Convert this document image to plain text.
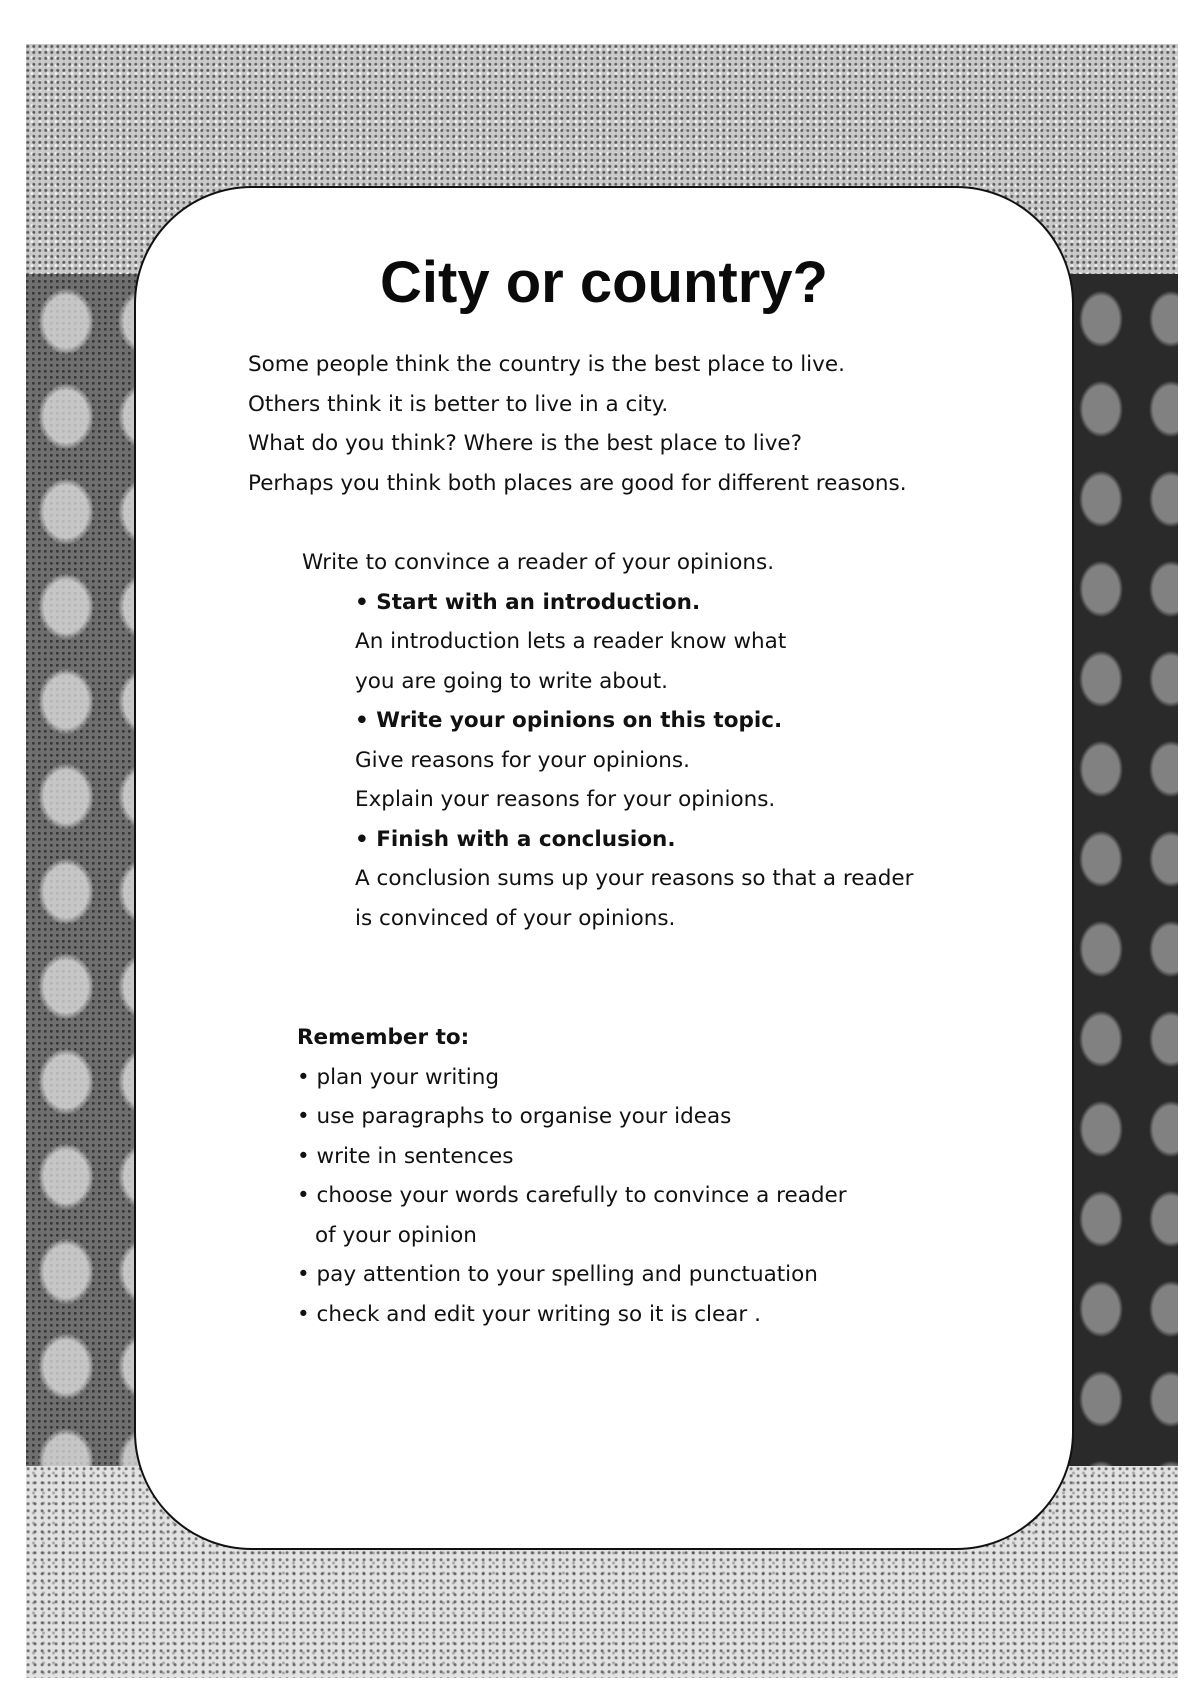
City or country?
Some people think the country is the best place to live.
Others think it is better to live in a city.
What do you think? Where is the best place to live?
Perhaps you think both places are good for different reasons.
Write to convince a reader of your opinions.
• Start with an introduction.
An introduction lets a reader know what
you are going to write about.
• Write your opinions on this topic.
Give reasons for your opinions.
Explain your reasons for your opinions.
• Finish with a conclusion.
A conclusion sums up your reasons so that a reader
is convinced of your opinions.
Remember to:
• plan your writing
• use paragraphs to organise your ideas
• write in sentences
• choose your words carefully to convince a reader
of your opinion
• pay attention to your spelling and punctuation
• check and edit your writing so it is clear .
